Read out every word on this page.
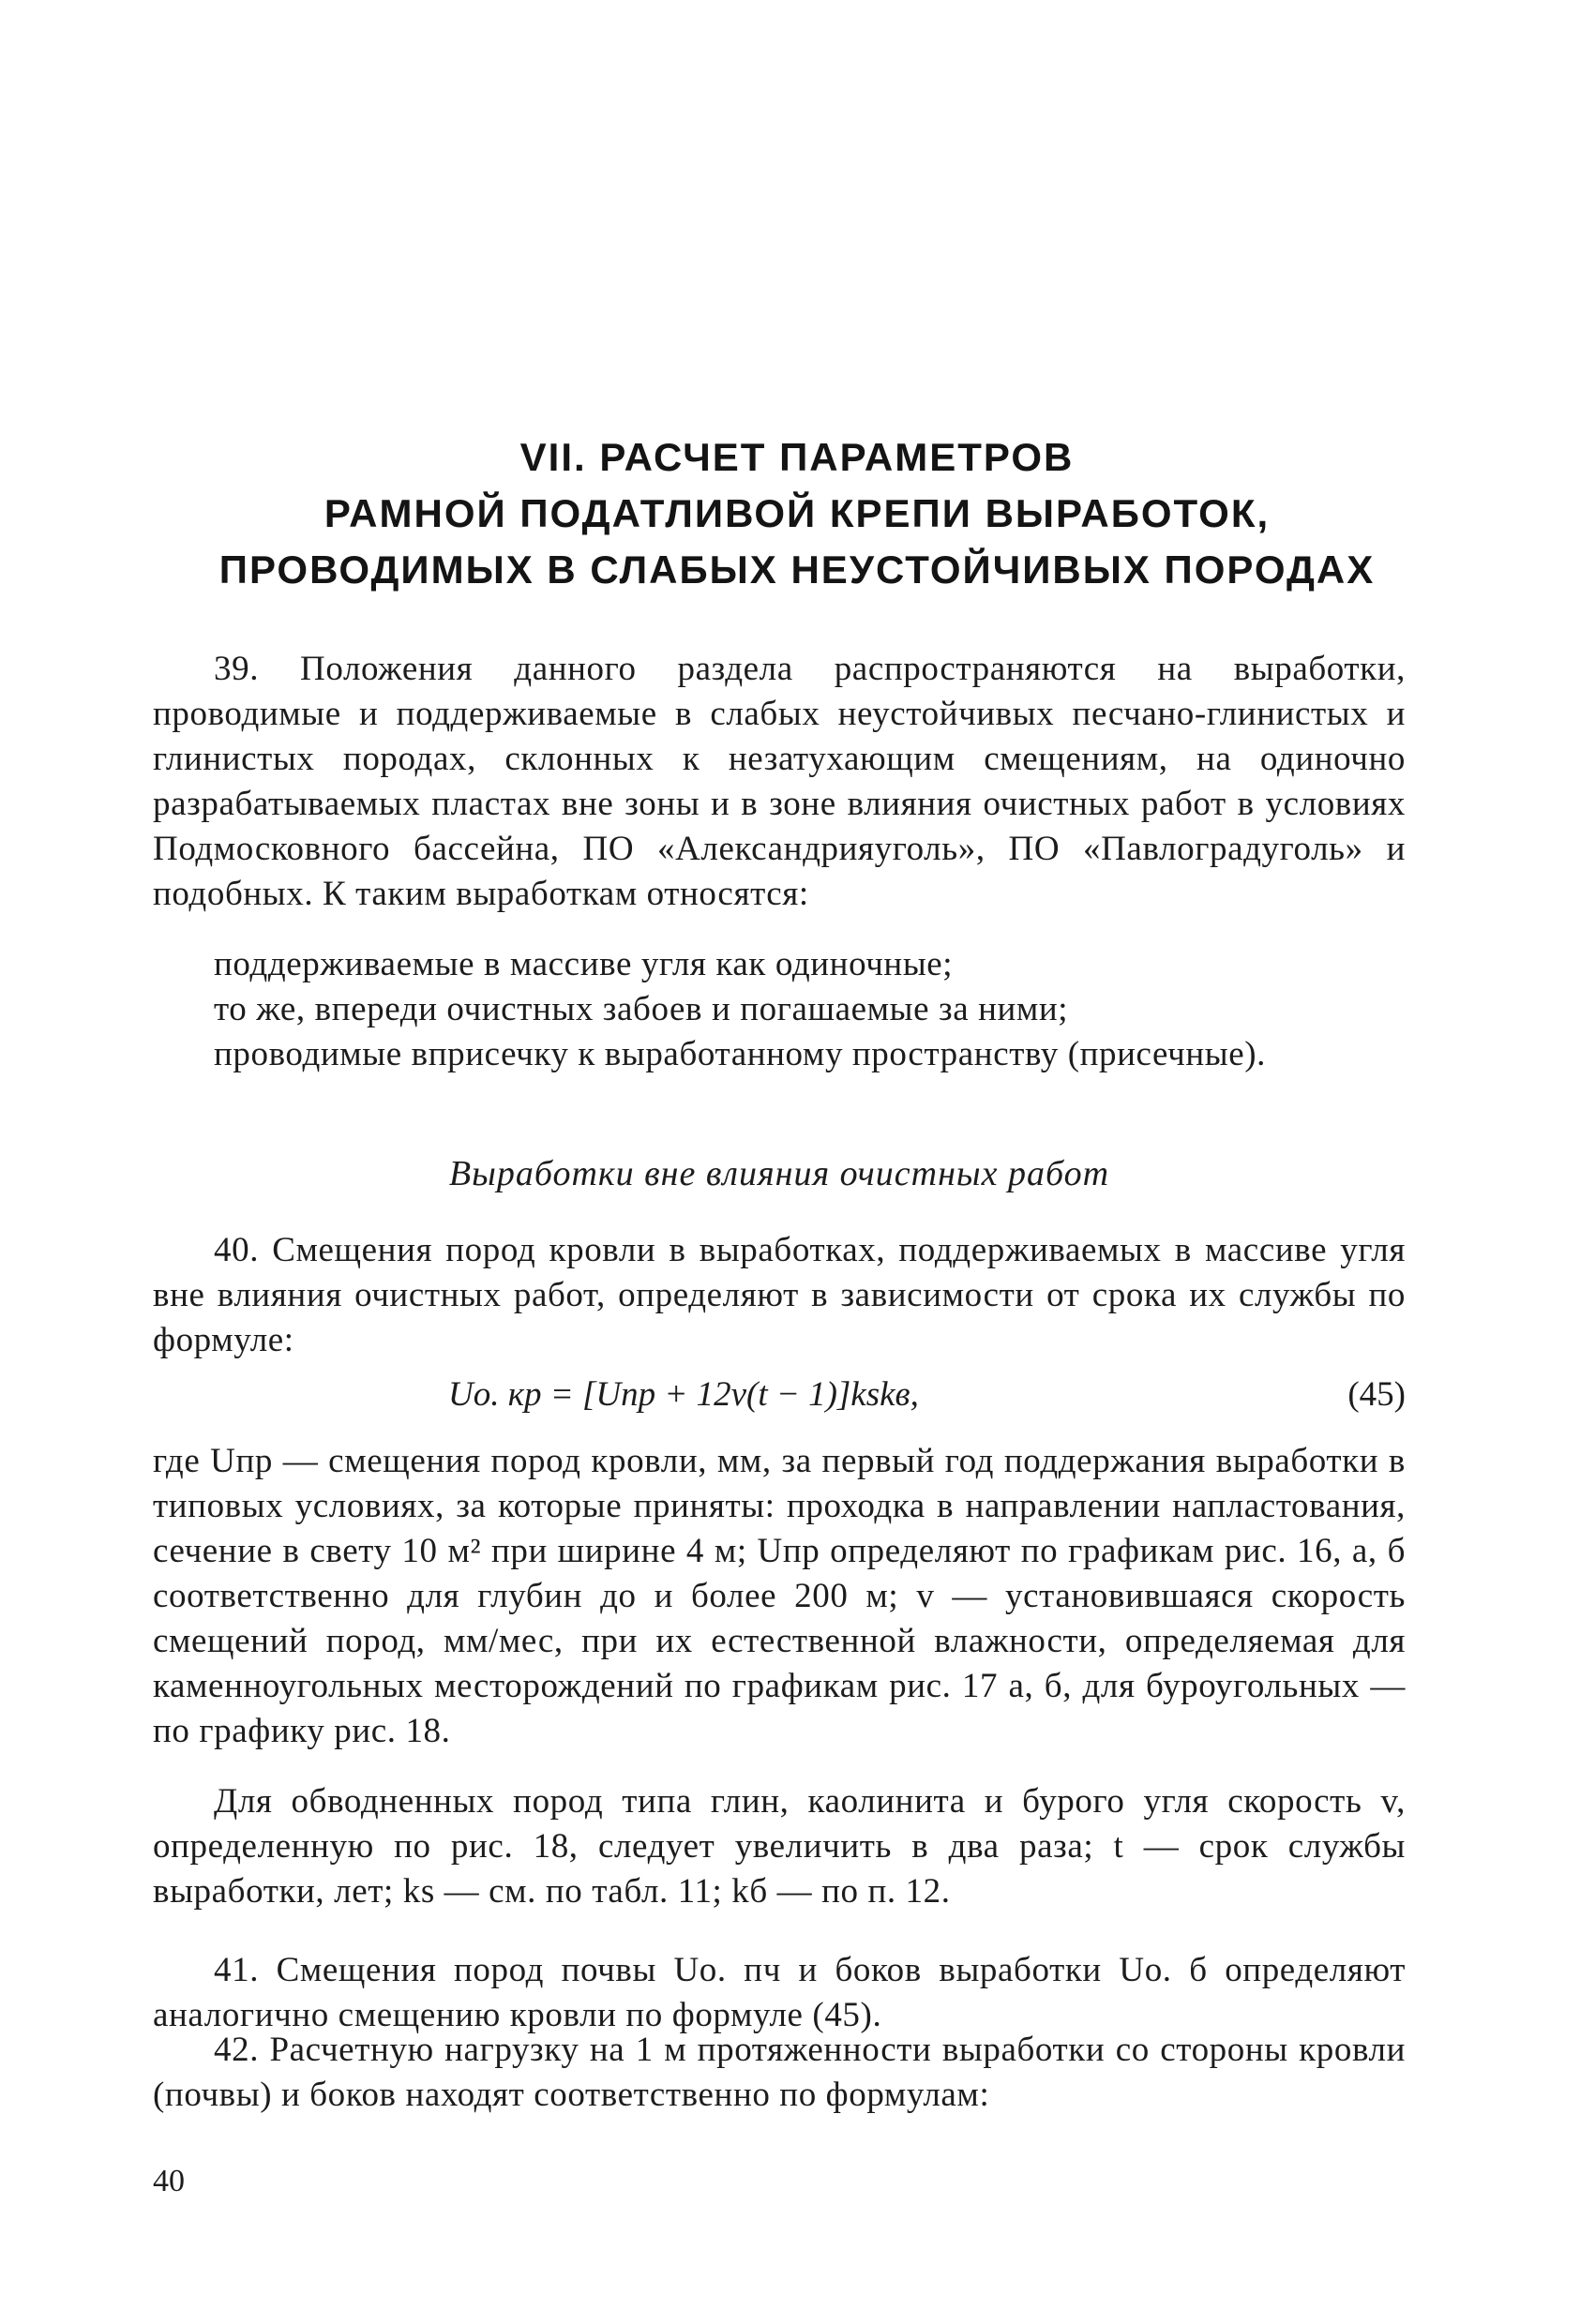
VII. РАСЧЕТ ПАРАМЕТРОВ
РАМНОЙ ПОДАТЛИВОЙ КРЕПИ ВЫРАБОТОК,
ПРОВОДИМЫХ В СЛАБЫХ НЕУСТОЙЧИВЫХ ПОРОДАХ

39. Положения данного раздела распространяются на выработки, проводимые и поддерживаемые в слабых неустойчивых песчано-глинистых и глинистых породах, склонных к незатухающим смещениям, на одиночно разрабатываемых пластах вне зоны и в зоне влияния очистных работ в условиях Подмосковного бассейна, ПО «Александрияуголь», ПО «Павлоградуголь» и подобных. К таким выработкам относятся:

поддерживаемые в массиве угля как одиночные;

то же, впереди очистных забоев и погашаемые за ними;

проводимые вприсечку к выработанному пространству (присечные).

Выработки вне влияния очистных работ

40. Смещения пород кровли в выработках, поддерживаемых в массиве угля вне влияния очистных работ, определяют в зависимости от срока их службы по формуле:

Uо. кр = [Uпр + 12v(t − 1)]kskв,	(45)

где Uпр — смещения пород кровли, мм, за первый год поддержания выработки в типовых условиях, за которые приняты: проходка в направлении напластования, сечение в свету 10 м² при ширине 4 м; Uпр определяют по графикам рис. 16, а, б соответственно для глубин до и более 200 м; v — установившаяся скорость смещений пород, мм/мес, при их естественной влажности, определяемая для каменноугольных месторождений по графикам рис. 17 а, б, для буроугольных — по графику рис. 18.

Для обводненных пород типа глин, каолинита и бурого угля скорость v, определенную по рис. 18, следует увеличить в два раза; t — срок службы выработки, лет; ks — см. по табл. 11; kб — по п. 12.

41. Смещения пород почвы Uо. пч и боков выработки Uо. б определяют аналогично смещению кровли по формуле (45).

42. Расчетную нагрузку на 1 м протяженности выработки со стороны кровли (почвы) и боков находят соответственно по формулам:

40
